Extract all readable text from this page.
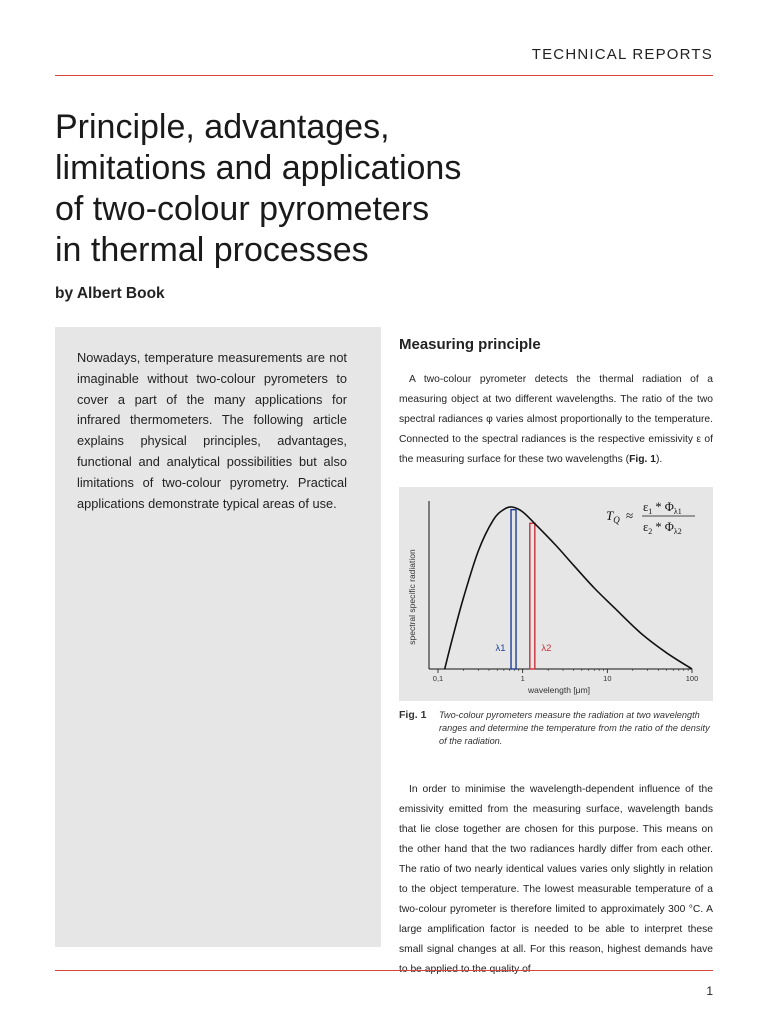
TECHNICAL REPORTS
Principle, advantages,
limitations and applications
of two-colour pyrometers
in thermal processes
by Albert Book

Nowadays, temperature measurements are not imaginable without two-colour pyrometers to cover a part of the many applications for infrared thermometers. The following article explains physical principles, advantages, functional and analytical possibilities but also limitations of two-colour pyrometry. Practical applications demonstrate typical areas of use.

Measuring principle

A two-colour pyrometer detects the thermal radiation of a measuring object at two different wavelengths. The ratio of the two spectral radiances φ varies almost proportionally to the temperature. Connected to the spectral radiances is the respective emissivity ε of the measuring surface for these two wavelengths (Fig. 1).

λ1	λ2
spectral specific radiation
wavelength [μm]
0,1	1	10	100
$T_Q$ ≈
$\varepsilon_1 * \Phi_{\lambda 1}$
$\varepsilon_2 * \Phi_{\lambda 2}$
Fig. 1 Two-colour pyrometers measure the radiation at two wavelength ranges and determine the temperature from the ratio of the density of the radiation.

In order to minimise the wavelength-dependent influence of the emissivity emitted from the measuring surface, wavelength bands that lie close together are chosen for this purpose. This means on the other hand that the two radiances hardly differ from each other. The ratio of two nearly identical values varies only slightly in relation to the object temperature. The lowest measurable temperature of a two-colour pyrometer is therefore limited to approximately 300 °C. A large amplification factor is needed to be able to interpret these small signal changes at all. For this reason, highest demands have

1
